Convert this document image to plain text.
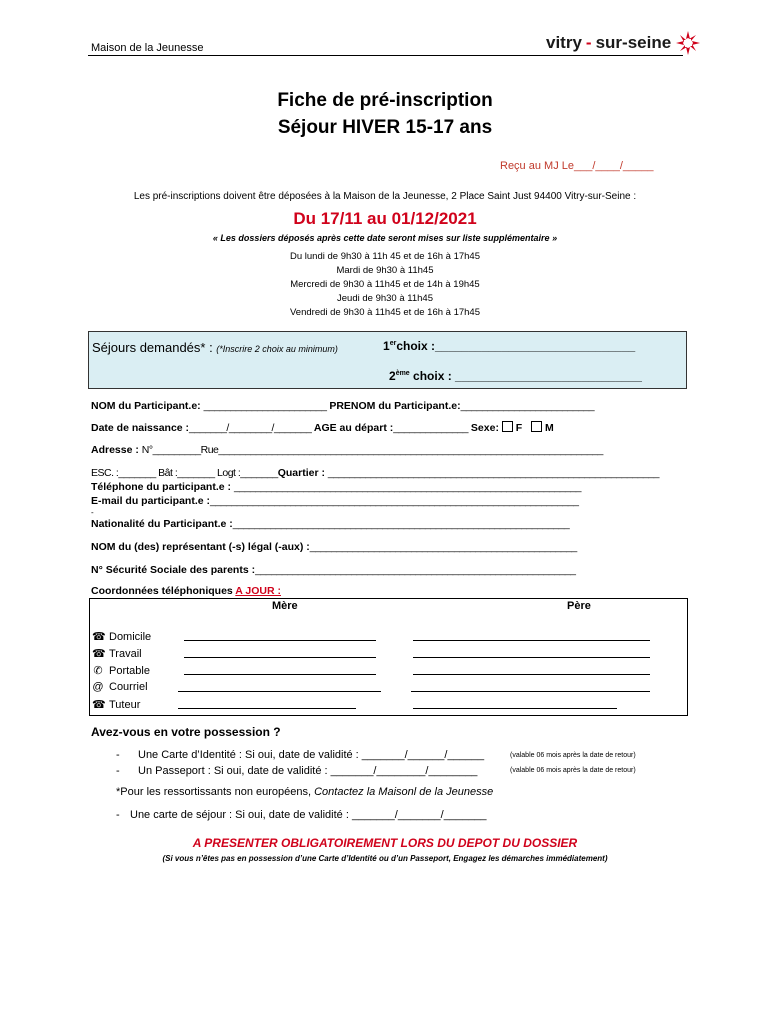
Maison de la Jeunesse	vitry - sur-seine
Fiche de pré-inscription
Séjour HIVER 15-17 ans
Reçu au MJ Le___/____/_____
Les pré-inscriptions doivent être déposées à la Maison de la Jeunesse, 2 Place Saint Just 94400 Vitry-sur-Seine :
Du 17/11 au 01/12/2021
« Les dossiers déposés après cette date seront mises sur liste supplémentaire »
Du lundi de 9h30 à 11h 45 et de 16h à 17h45
Mardi de 9h30 à 11h45
Mercredi de 9h30 à 11h45 et de 14h à 19h45
Jeudi de 9h30 à 11h45
Vendredi de 9h30 à 11h45 et de 16h à 17h45
Séjours demandés* : (*Inscrire 2 choix au minimum)	1erchoix :______________________________
2ème choix : ____________________________
NOM du Participant.e: _______________________ PRENOM du Participant.e:_________________________
Date de naissance :_______/________/_______ AGE au départ :______________ Sexe:  F M
Adresse : N°_________Rue________________________________________________________________________
ESC. :_______ Bât :_______ Logt :_______Quartier : ______________________________________________________________
Téléphone du participant.e : _________________________________________________________________
E-mail du participant.e :_____________________________________________________________________
-
Nationalité du Participant.e :_______________________________________________________________
NOM du (des) représentant (-s) légal (-aux) :__________________________________________________
N° Sécurité Sociale des parents :____________________________________________________________
Coordonnées téléphoniques A JOUR :
Mère	Père
☎ Domicile
☎ Travail
✆ Portable
@ Courriel
☎ Tuteur
Avez-vous en votre possession ?
- Une Carte d’Identité : Si oui, date de validité : _______/______/______	(valable 06 mois après la date de retour)
- Un Passeport : Si oui, date de validité : _______/________/________	(valable 06 mois après la date de retour)
*Pour les ressortissants non européens, Contactez la Maisonl de la Jeunesse
- Une carte de séjour : Si oui, date de validité : _______/_______/_______
A PRESENTER OBLIGATOIREMENT LORS DU DEPOT DU DOSSIER
(Si vous n’êtes pas en possession d’une Carte d’Identité ou d’un Passeport, Engagez les démarches immédiatement)
